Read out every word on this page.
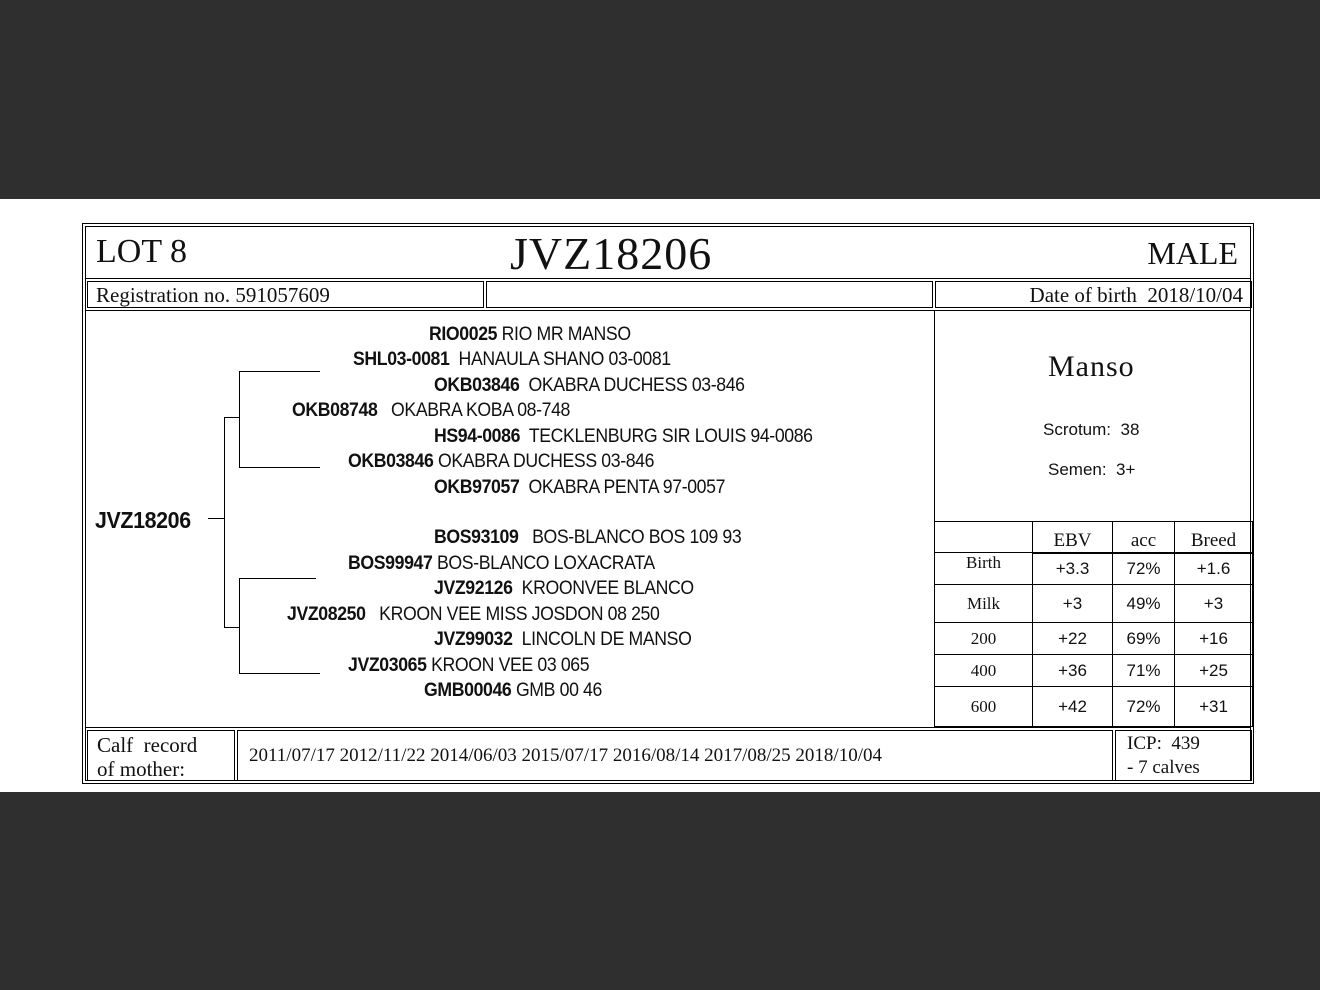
LOT 8	JVZ18206	MALE
Registration no. 591057609	Date of birth 2018/10/04
JVZ18206
RIO0025 RIO MR MANSO
SHL03-0081 HANAULA SHANO 03-0081
OKB03846 OKABRA DUCHESS 03-846
OKB08748 OKABRA KOBA 08-748
HS94-0086 TECKLENBURG SIR LOUIS 94-0086
OKB03846 OKABRA DUCHESS 03-846
OKB97057 OKABRA PENTA 97-0057
BOS93109 BOS-BLANCO BOS 109 93
BOS99947 BOS-BLANCO LOXACRATA
JVZ92126 KROONVEE BLANCO
JVZ08250 KROON VEE MISS JOSDON 08 250
JVZ99032 LINCOLN DE MANSO
JVZ03065 KROON VEE 03 065
GMB00046 GMB 00 46
Manso
Scrotum: 38
Semen: 3+
	EBV	acc	Breed
Birth	+3.3	72%	+1.6
Milk	+3	49%	+3
200	+22	69%	+16
400	+36	71%	+25
600	+42	72%	+31
Calf  record
of mother:
2011/07/17 2012/11/22 2014/06/03 2015/07/17 2016/08/14 2017/08/25 2018/10/04
ICP:  439
- 7 calves
